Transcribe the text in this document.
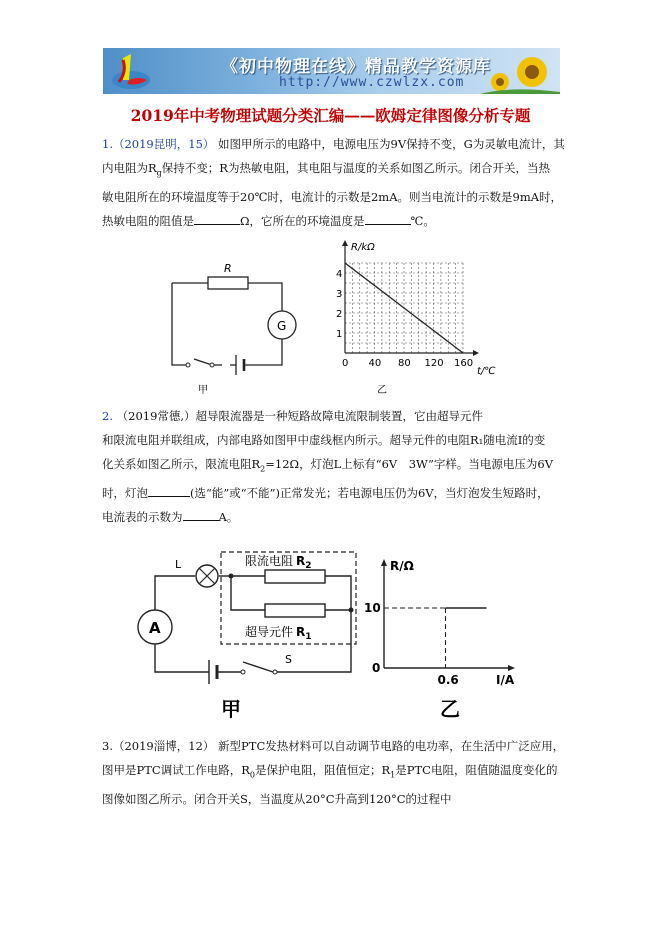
《初中物理在线》精品教学资源库
http://www.czwlzx.com
2019年中考物理试题分类汇编——欧姆定律图像分析专题
1.（2019昆明，15） 如图甲所示的电路中，电源电压为9V保持不变，G为灵敏电流计，其
内电阻为$R_g$保持不变；R为热敏电阻，其电阻与温度的关系如图乙所示。闭合开关，当热
敏电阻所在的环境温度等于20℃时，电流计的示数是2mA。则当电流计的示数是9mA时，
热敏电阻的阻值是	Ω，它所在的环境温度是	℃。
R
G
甲
0 40 80 120 160
1
2
3
4
R/kΩ
t/℃
乙
2. （2019常德,）超导限流器是一种短路故障电流限制装置，它由超导元件
和限流电阻并联组成，内部电路如图甲中虚线框内所示。超导元件的电阻R₁随电流I的变
化关系如图乙所示，限流电阻$R_2=12\Omega$，灯泡L上标有“6V　3W”字样。当电源电压为6V
时，灯泡	(选“能”或“不能”)正常发光；若电源电压仍为6V，当灯泡发生短路时，
电流表的示数为	A。
限流电阻 $R_2$
超导元件 $R_1$
L
A
S
甲
0
0.6
10
R/Ω
I/A
乙
3.（2019淄博，12） 新型PTC发热材料可以自动调节电路的电功率，在生活中广泛应用，
图甲是PTC调试工作电路，$R_0$是保护电阻，阻值恒定；$R_1$是PTC电阻，阻值随温度变化的
图像如图乙所示。闭合开关S，当温度从20°C升高到120°C的过程中
